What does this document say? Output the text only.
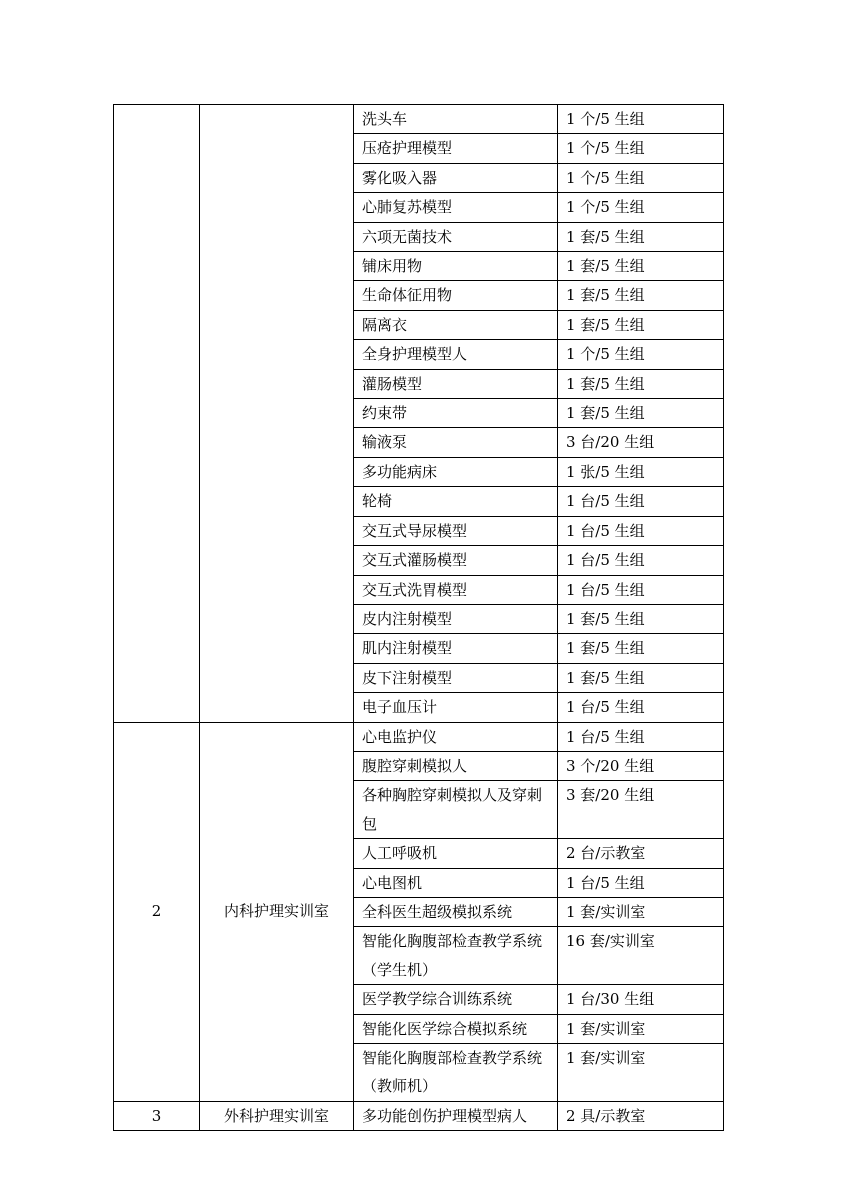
		洗头车	1 个/5 生组
		压疮护理模型	1 个/5 生组
		雾化吸入器	1 个/5 生组
		心肺复苏模型	1 个/5 生组
		六项无菌技术	1 套/5 生组
		铺床用物	1 套/5 生组
		生命体征用物	1 套/5 生组
		隔离衣	1 套/5 生组
		全身护理模型人	1 个/5 生组
		灌肠模型	1 套/5 生组
		约束带	1 套/5 生组
		输液泵	3 台/20 生组
		多功能病床	1 张/5 生组
		轮椅	1 台/5 生组
		交互式导尿模型	1 台/5 生组
		交互式灌肠模型	1 台/5 生组
		交互式洗胃模型	1 台/5 生组
		皮内注射模型	1 套/5 生组
		肌内注射模型	1 套/5 生组
		皮下注射模型	1 套/5 生组
		电子血压计	1 台/5 生组
2	内科护理实训室	心电监护仪	1 台/5 生组
		腹腔穿刺模拟人	3 个/20 生组
		各种胸腔穿刺模拟人及穿刺包	3 套/20 生组
		人工呼吸机	2 台/示教室
		心电图机	1 台/5 生组
		全科医生超级模拟系统	1 套/实训室
		智能化胸腹部检查教学系统（学生机）	16 套/实训室
		医学教学综合训练系统	1 台/30 生组
		智能化医学综合模拟系统	1 套/实训室
		智能化胸腹部检查教学系统（教师机）	1 套/实训室
3	外科护理实训室	多功能创伤护理模型病人	2 具/示教室
